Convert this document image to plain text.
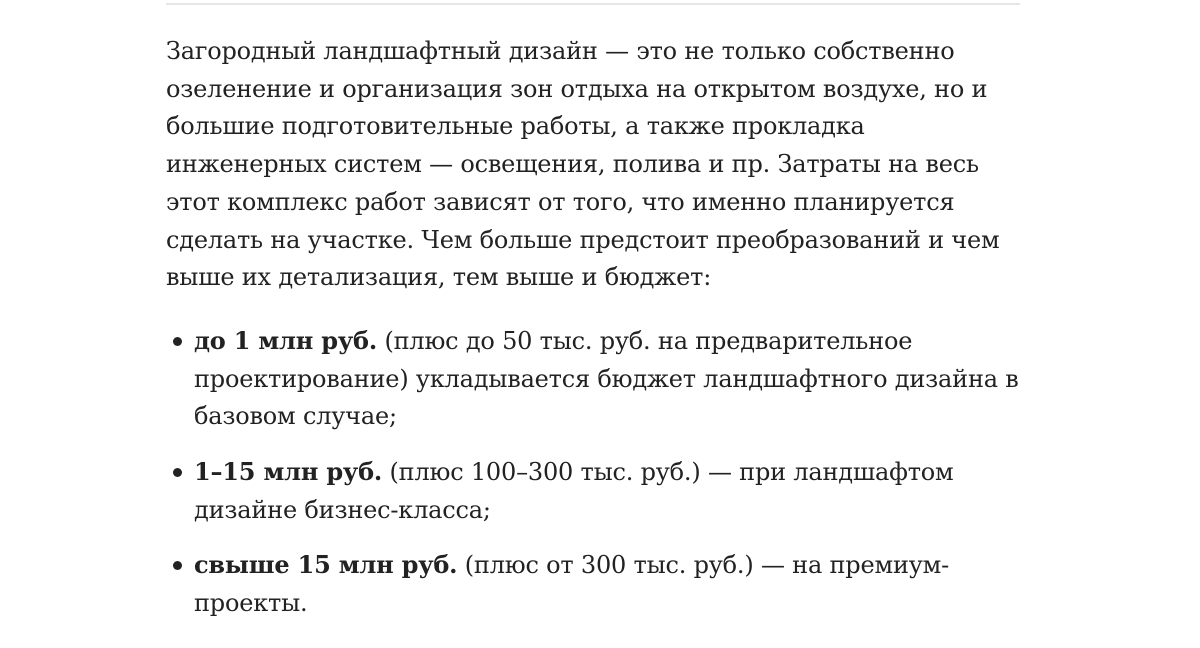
Загородный ландшафтный дизайн — это не только собственно озеленение и организация зон отдыха на открытом воздухе, но и большие подготовительные работы, а также прокладка инженерных систем — освещения, полива и пр. Затраты на весь этот комплекс работ зависят от того, что именно планируется сделать на участке. Чем больше предстоит преобразований и чем выше их детализация, тем выше и бюджет:

до 1 млн руб. (плюс до 50 тыс. руб. на предварительное проектирование) укладывается бюджет ландшафтного дизайна в базовом случае;
1–15 млн руб. (плюс 100–300 тыс. руб.) — при ландшафтом дизайне бизнес-класса;
свыше 15 млн руб. (плюс от 300 тыс. руб.) — на премиум-проекты.
